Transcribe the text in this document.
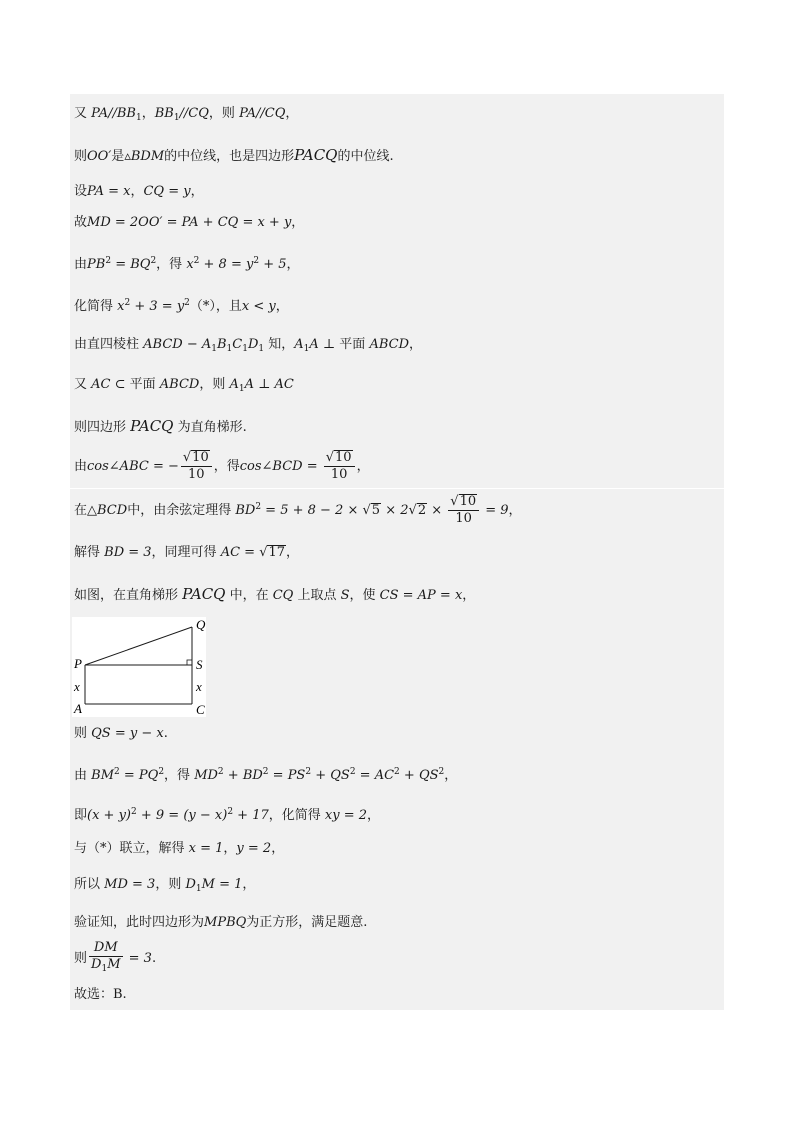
又 $PA//BB_1$，$BB_1//CQ$，则 PA//CQ，
则OO′是▵BDM的中位线，也是四边形PACQ的中位线.
设PA = x，CQ = y，
故MD = 2OO′ = PA + CQ = x + y，
由$PB^2 = BQ^2$，得 $x^2 + 8 = y^2 + 5$，
化简得 $x^2 + 3 = y^2(*)$，且x < y，
由直四棱柱 ABCD − $A_1B_1C_1D_1$ 知，$A_1A$ ⊥ 平面 ABCD，
又 AC ⊂ 平面 ABCD，则 $A_1A$ ⊥ AC
则四边形 PACQ 为直角梯形.
由cos∠ABC = − $\frac{√10}{10}$ ，得cos∠BCD = $\frac{√10}{10}$ ，
在△BCD中，由余弦定理得 $BD^2 = 5 + 8 - 2 \times √5 \times 2√2 \times \frac{√10}{10} = 9$，
解得 BD = 3，同理可得 AC = √17，
如图，在直角梯形 PACQ 中，在 CQ 上取点 S，使 CS = AP = x，
Q
P	S
x	x
A	C
则 QS = y − x.
由 $BM^2 = PQ^2$，得 $MD^2 + BD^2 = PS^2 + QS^2 = AC^2 + QS^2$，
即$(x + y)^2 + 9 = (y - x)^2 + 17$，化简得 xy = 2，
与（*）联立，解得 x = 1，y = 2，
所以 MD = 3，则 $D_1M = 1$，
验证知，此时四边形为MPBQ为正方形，满足题意.
则 $\frac{DM}{D_1M} = 3$.
故选：B.
